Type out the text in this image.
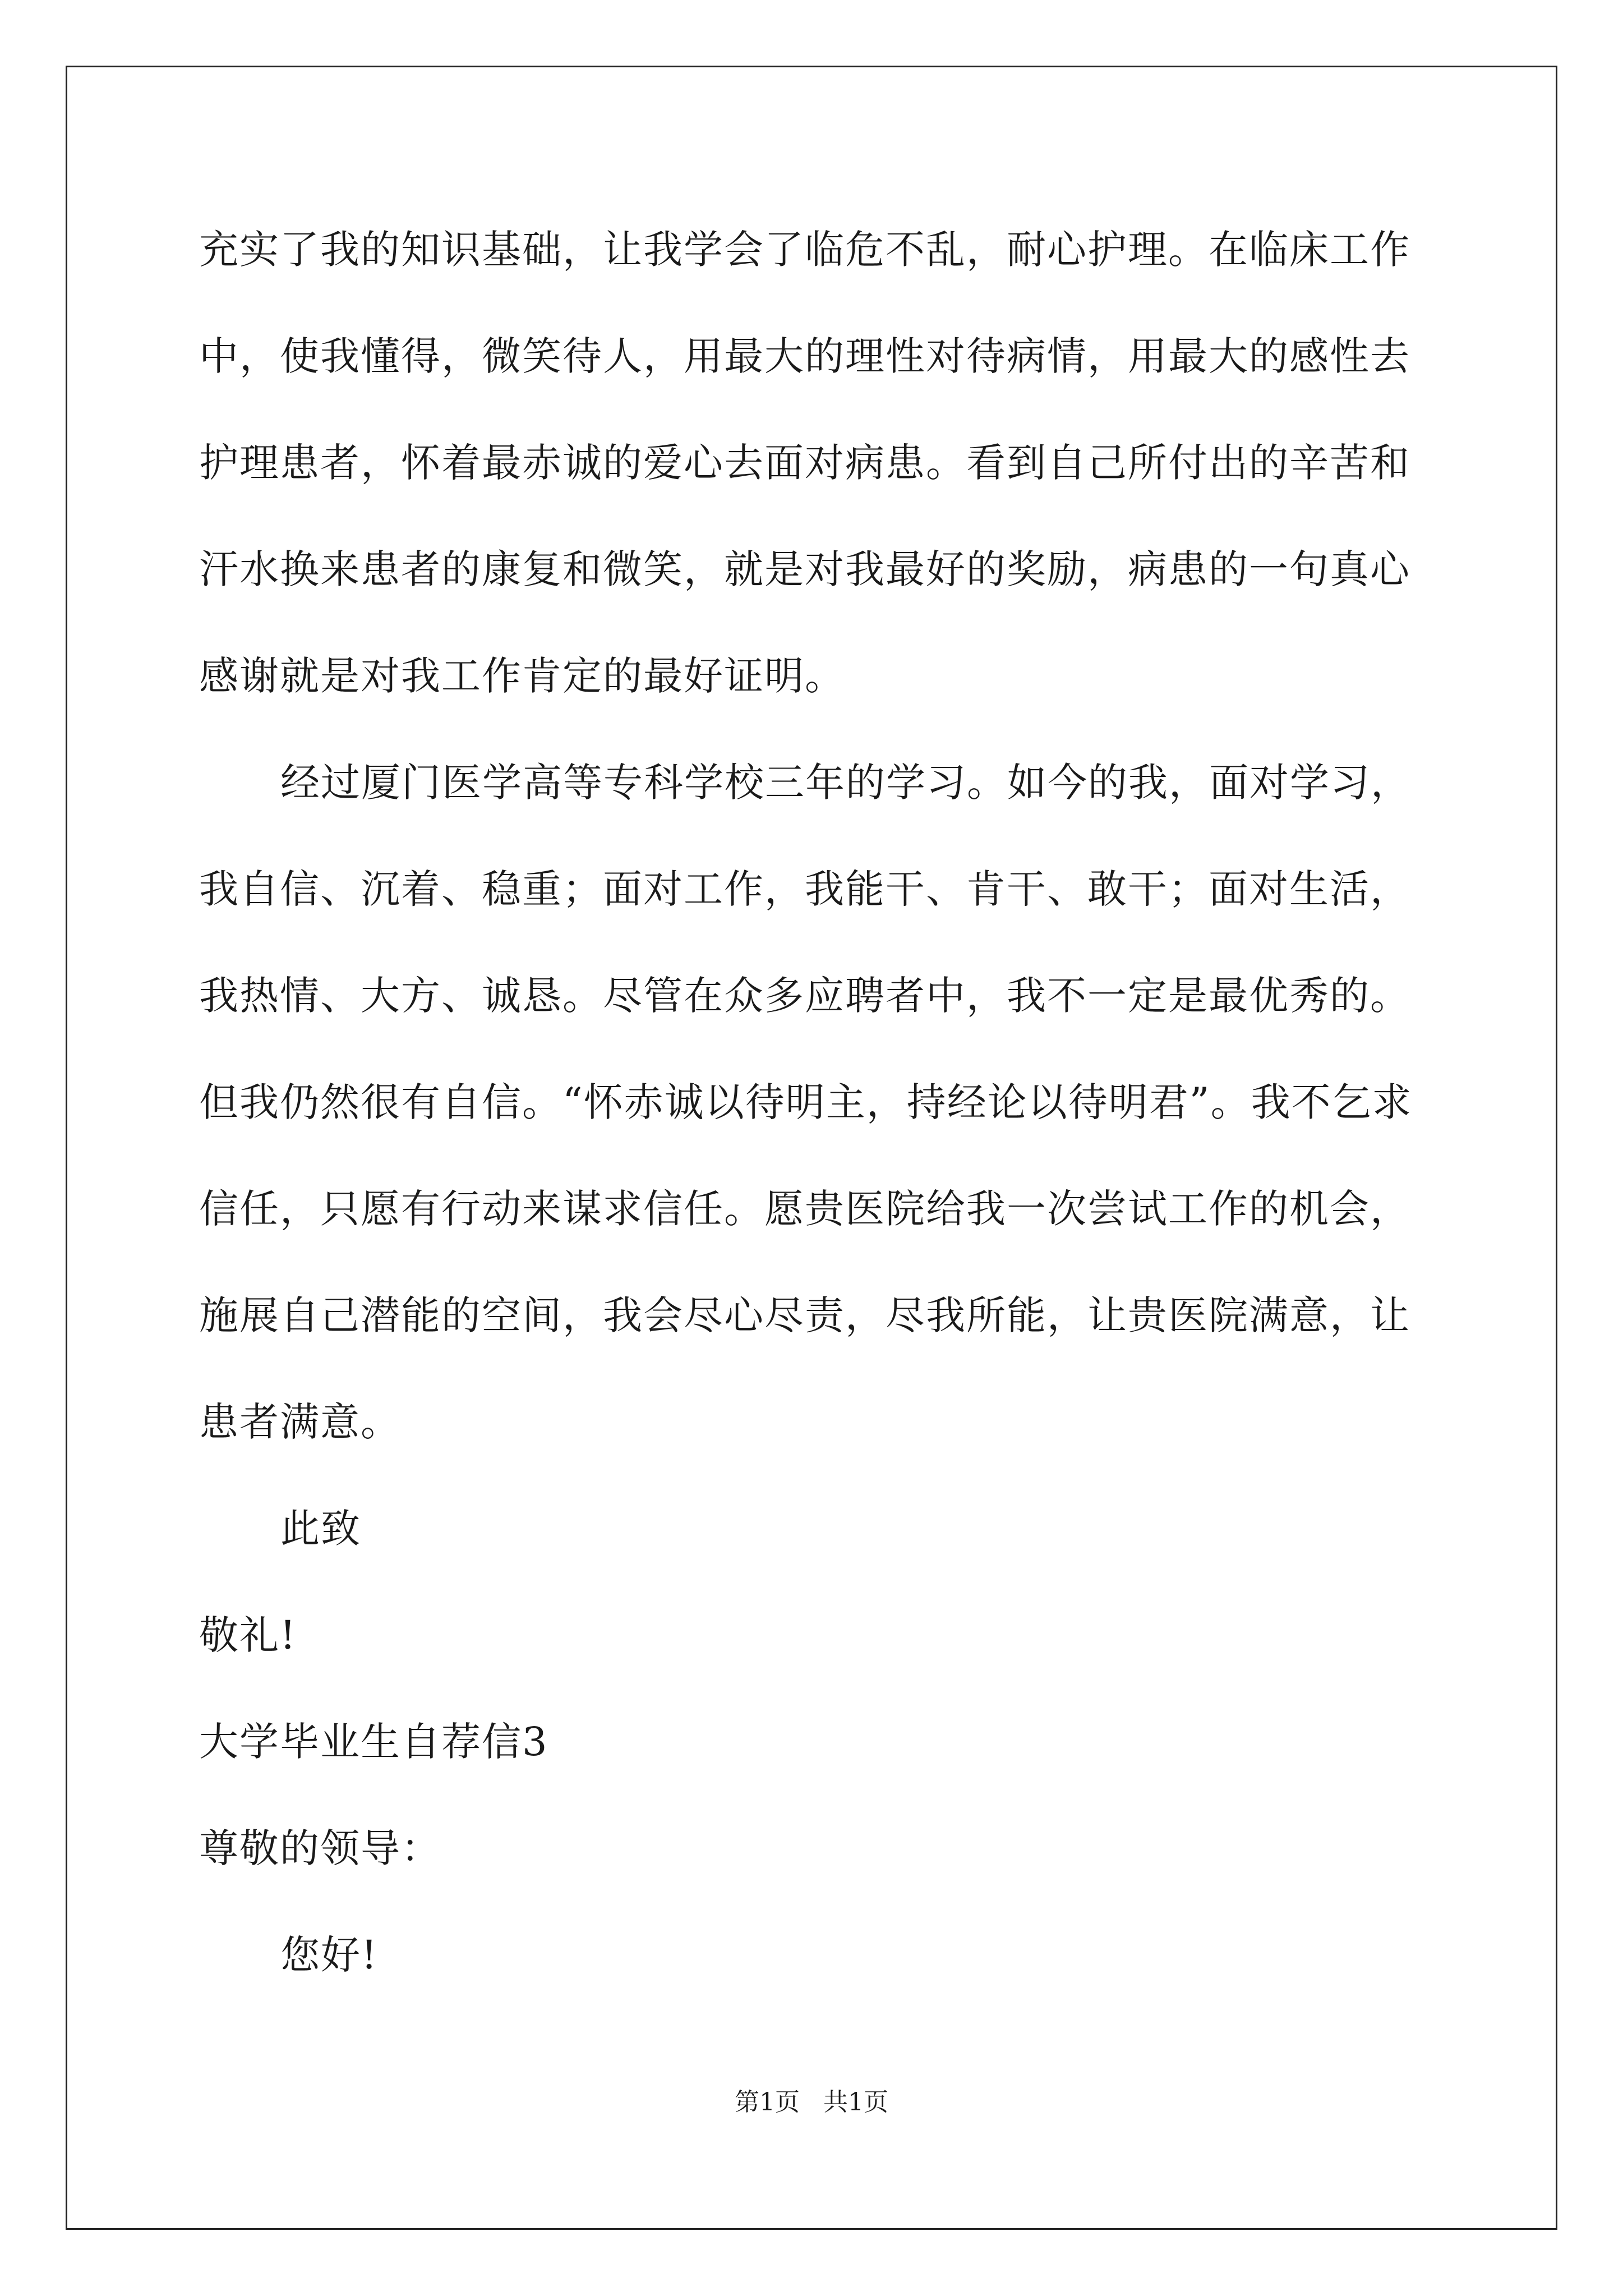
充实了我的知识基础，让我学会了临危不乱，耐心护理。在临床工作
中，使我懂得，微笑待人，用最大的理性对待病情，用最大的感性去
护理患者，怀着最赤诚的爱心去面对病患。看到自己所付出的辛苦和
汗水换来患者的康复和微笑，就是对我最好的奖励，病患的一句真心
感谢就是对我工作肯定的最好证明。
经过厦门医学高等专科学校三年的学习。如今的我，面对学习，
我自信、沉着、稳重；面对工作，我能干、肯干、敢干；面对生活，
我热情、大方、诚恳。尽管在众多应聘者中，我不一定是最优秀的。
但我仍然很有自信。“怀赤诚以待明主，持经论以待明君”。我不乞求
信任，只愿有行动来谋求信任。愿贵医院给我一次尝试工作的机会，
施展自己潜能的空间，我会尽心尽责，尽我所能，让贵医院满意，让
患者满意。
此致
敬礼!
大学毕业生自荐信3
尊敬的领导：
您好!
第1页   共1页
